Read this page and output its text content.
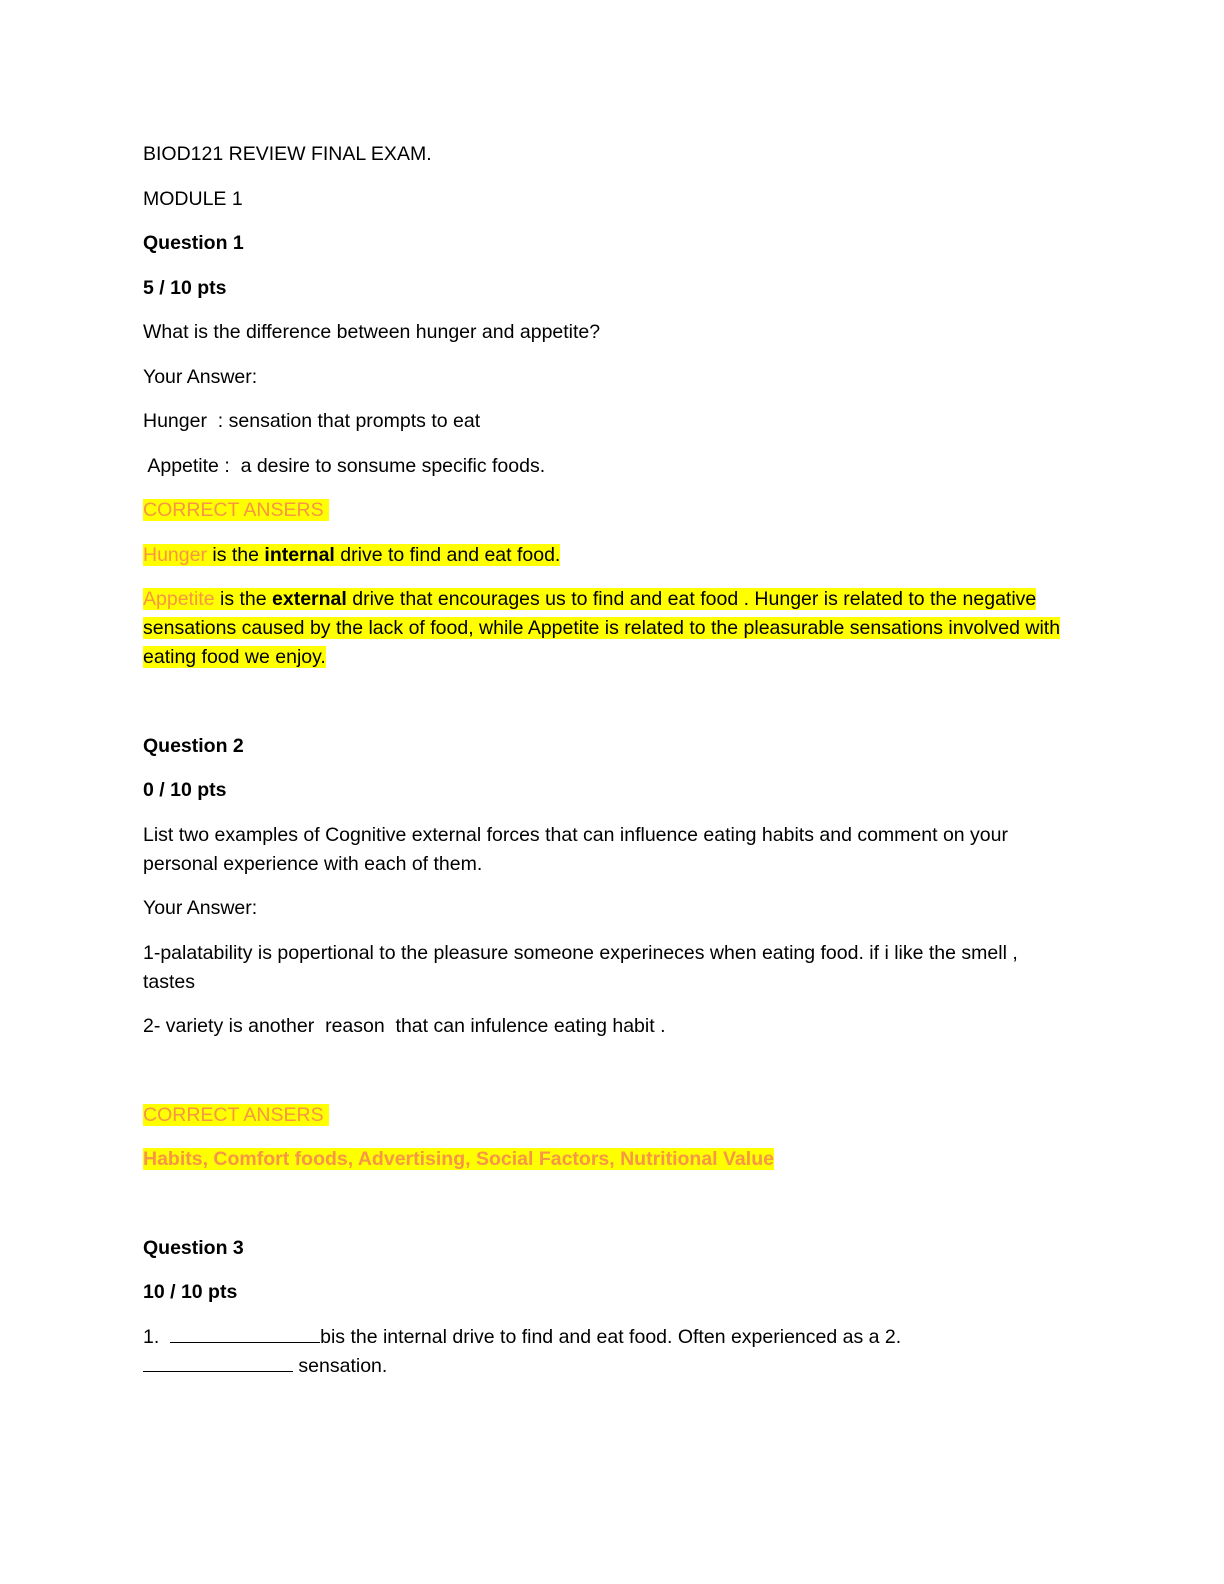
BIOD121 REVIEW FINAL EXAM.
MODULE 1
Question 1
5 / 10 pts
What is the difference between hunger and appetite?
Your Answer:
Hunger  : sensation that prompts to eat
Appetite :  a desire to sonsume specific foods.
CORRECT ANSERS
Hunger is the internal drive to find and eat food.
Appetite is the external drive that encourages us to find and eat food . Hunger is related to the negative sensations caused by the lack of food, while Appetite is related to the pleasurable sensations involved with eating food we enjoy.
Question 2
0 / 10 pts
List two examples of Cognitive external forces that can influence eating habits and comment on your personal experience with each of them.
Your Answer:
1-palatability is popertional to the pleasure someone experineces when eating food. if i like the smell , tastes
2- variety is another  reason  that can infulence eating habit .
CORRECT ANSERS
Habits, Comfort foods, Advertising, Social Factors, Nutritional Value
Question 3
10 / 10 pts
1.	bis the internal drive to find and eat food. Often experienced as a 2.
sensation.
